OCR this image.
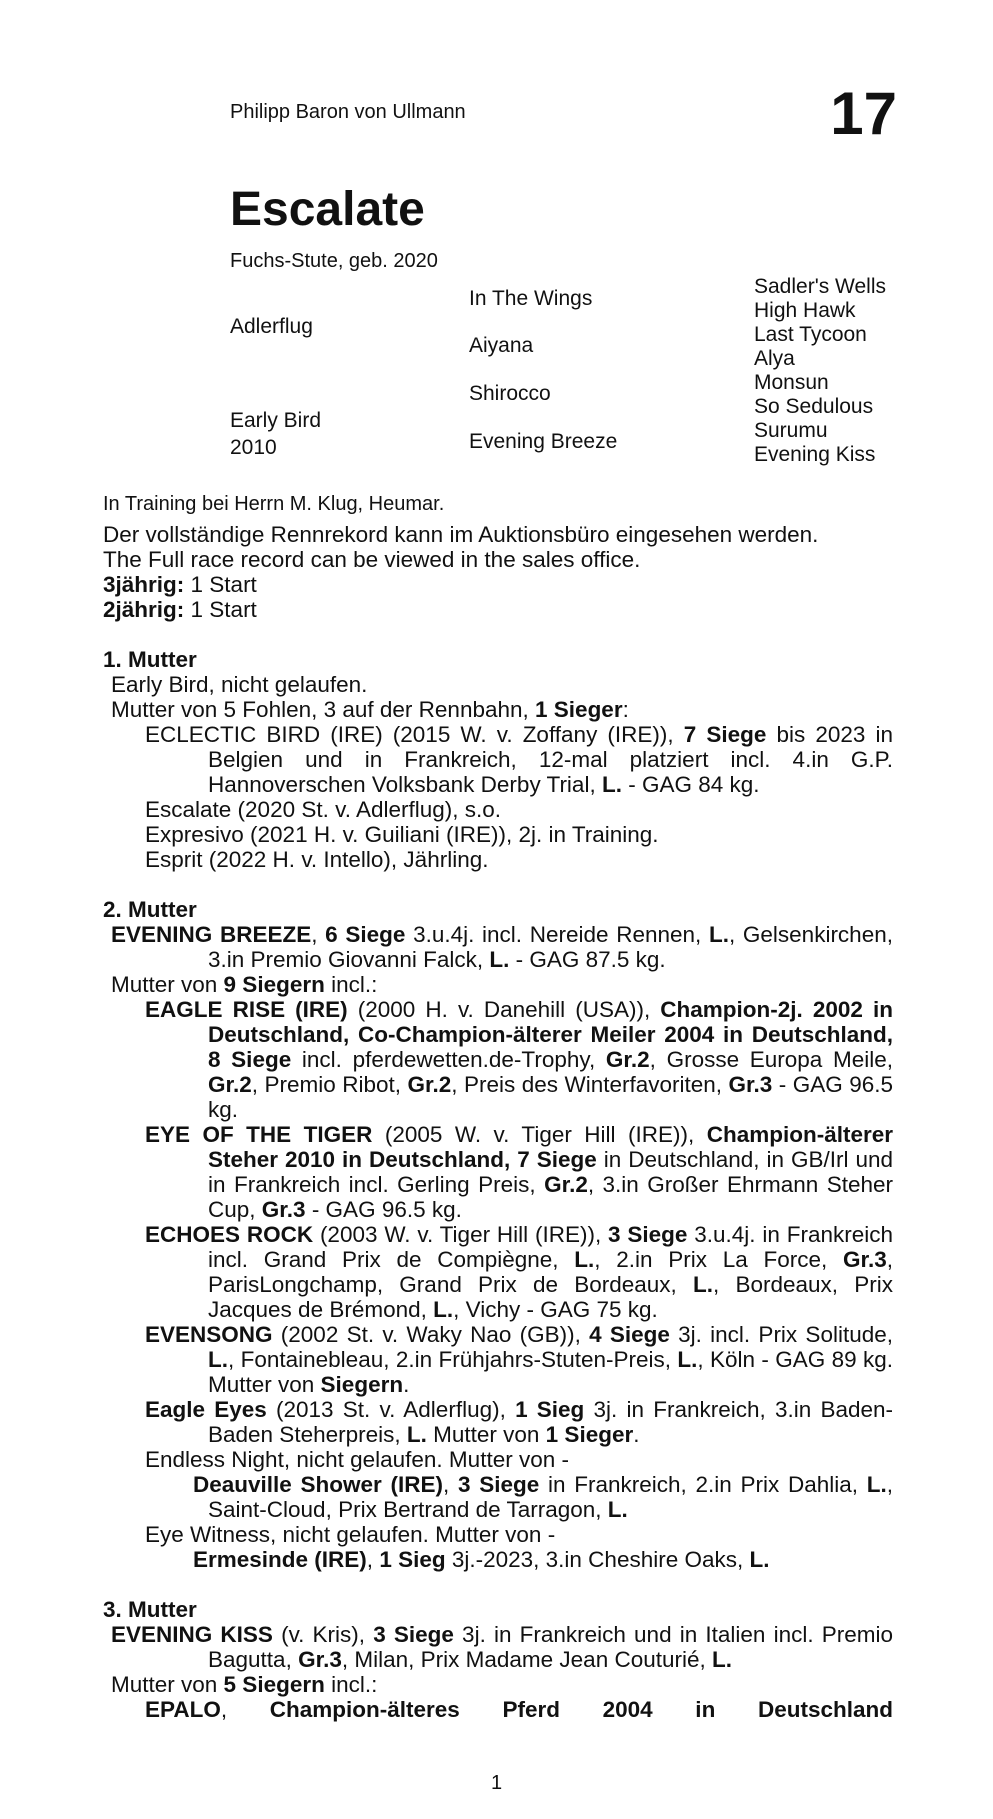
Philipp Baron von Ullmann	17
Escalate
Fuchs-Stute, geb. 2020
Adlerflug
Early Bird
2010
In The Wings
Aiyana
Shirocco
Evening Breeze
Sadler's Wells
High Hawk
Last Tycoon
Alya
Monsun
So Sedulous
Surumu
Evening Kiss
In Training bei Herrn M. Klug, Heumar.

Der vollständige Rennrekord kann im Auktionsbüro eingesehen werden.

The Full race record can be viewed in the sales office.

3jährig: 1 Start

2jährig: 1 Start

1. Mutter

Early Bird, nicht gelaufen.

Mutter von 5 Fohlen, 3 auf der Rennbahn, 1 Sieger:

ECLECTIC BIRD (IRE) (2015 W. v. Zoffany (IRE)), 7 Siege bis 2023 in Belgien und in Frankreich, 12-mal platziert incl. 4.in G.P. Hannoverschen Volksbank Derby Trial, L. - GAG 84 kg.

Escalate (2020 St. v. Adlerflug), s.o.

Expresivo (2021 H. v. Guiliani (IRE)), 2j. in Training.

Esprit (2022 H. v. Intello), Jährling.

2. Mutter

EVENING BREEZE, 6 Siege 3.u.4j. incl. Nereide Rennen, L., Gelsenkirchen, 3.in Premio Giovanni Falck, L. - GAG 87.5 kg.

Mutter von 9 Siegern incl.:

EAGLE RISE (IRE) (2000 H. v. Danehill (USA)), Champion-2j. 2002 in Deutschland, Co-Champion-älterer Meiler 2004 in Deutschland, 8 Siege incl. pferdewetten.de-Trophy, Gr.2, Grosse Europa Meile, Gr.2, Premio Ribot, Gr.2, Preis des Winterfavoriten, Gr.3 - GAG 96.5 kg.

EYE OF THE TIGER (2005 W. v. Tiger Hill (IRE)), Champion-älterer Steher 2010 in Deutschland, 7 Siege in Deutschland, in GB/Irl und in Frankreich incl. Gerling Preis, Gr.2, 3.in Großer Ehrmann Steher Cup, Gr.3 - GAG 96.5 kg.

ECHOES ROCK (2003 W. v. Tiger Hill (IRE)), 3 Siege 3.u.4j. in Frankreich incl. Grand Prix de Compiègne, L., 2.in Prix La Force, Gr.3, ParisLongchamp, Grand Prix de Bordeaux, L., Bordeaux, Prix Jacques de Brémond, L., Vichy - GAG 75 kg.

EVENSONG (2002 St. v. Waky Nao (GB)), 4 Siege 3j. incl. Prix Solitude, L., Fontainebleau, 2.in Frühjahrs-Stuten-Preis, L., Köln - GAG 89 kg. Mutter von Siegern.

Eagle Eyes (2013 St. v. Adlerflug), 1 Sieg 3j. in Frankreich, 3.in Baden-Baden Steherpreis, L. Mutter von 1 Sieger.

Endless Night, nicht gelaufen. Mutter von -

Deauville Shower (IRE), 3 Siege in Frankreich, 2.in Prix Dahlia, L., Saint-Cloud, Prix Bertrand de Tarragon, L.

Eye Witness, nicht gelaufen. Mutter von -

Ermesinde (IRE), 1 Sieg 3j.-2023, 3.in Cheshire Oaks, L.

3. Mutter

EVENING KISS (v. Kris), 3 Siege 3j. in Frankreich und in Italien incl. Premio Bagutta, Gr.3, Milan, Prix Madame Jean Couturié, L.

Mutter von 5 Siegern incl.:

EPALO, Champion-älteres Pferd 2004 in Deutschland

1
